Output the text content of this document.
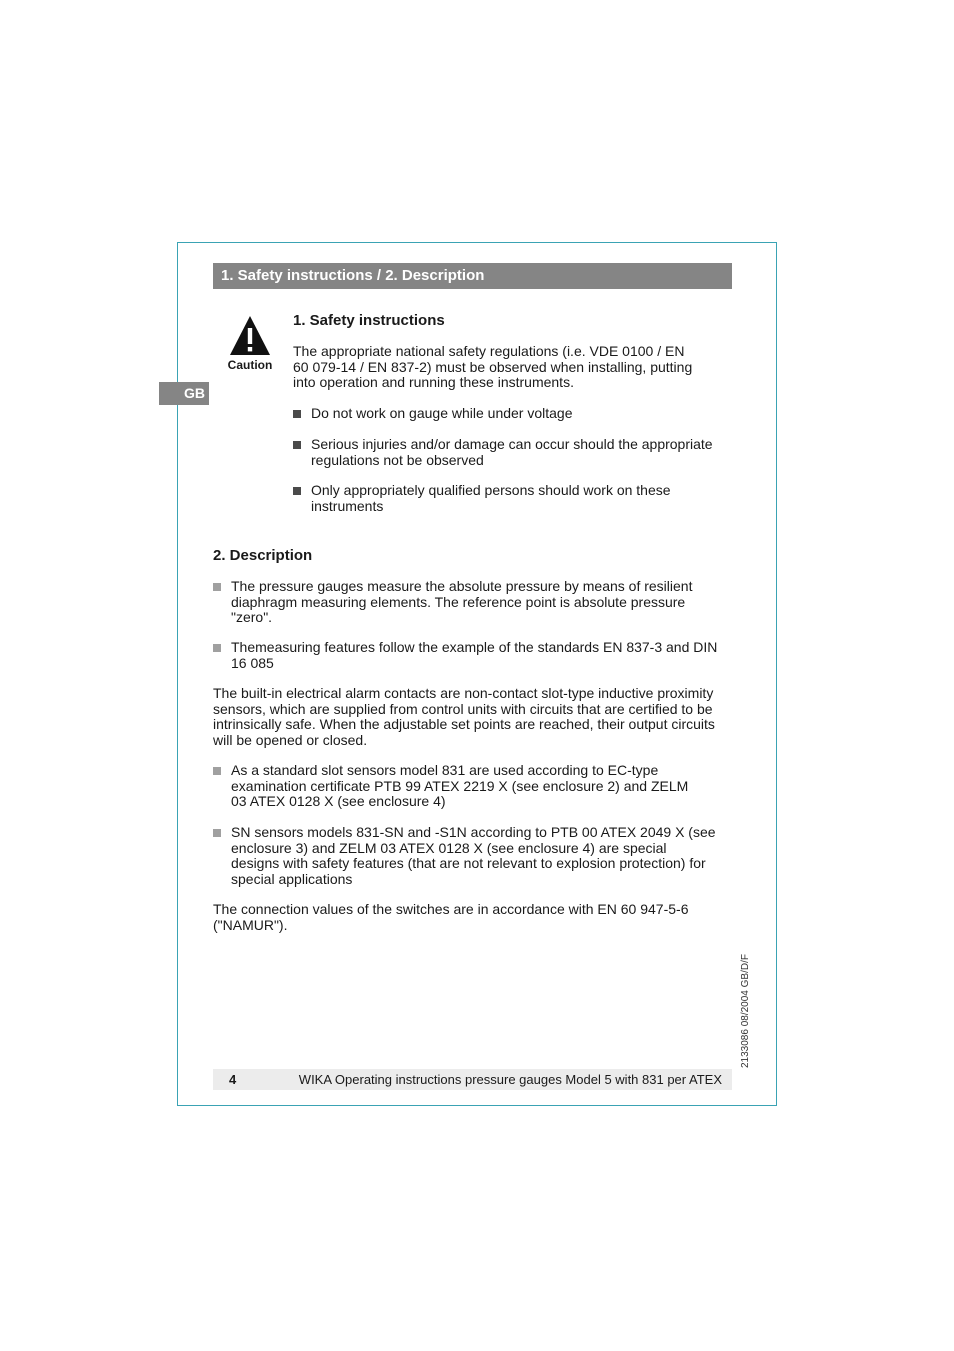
1. Safety instructions / 2. Description
GB
Caution
1. Safety instructions
The appropriate national safety regulations (i.e. VDE 0100 / EN 60 079-14 / EN 837-2) must be observed when installing, putting into operation and running these instruments.
Do not work on gauge while under voltage
Serious injuries and/or damage can occur should the appropriate regulations not be observed
Only appropriately qualified persons should work on these instruments
2. Description
The pressure gauges measure the absolute pressure by means of resilient diaphragm measuring elements. The reference point is absolute pressure "zero".
Themeasuring features follow the example of the standards EN 837-3 and DIN 16 085
The built-in electrical alarm contacts are non-contact slot-type inductive proximity sensors, which are supplied from control units with circuits that are certified to be intrinsically safe. When the adjustable set points are reached, their output circuits will be opened or closed.
As a standard slot sensors model 831 are used according to EC-type examination certificate PTB 99 ATEX 2219 X (see enclosure 2) and ZELM 03 ATEX 0128 X (see enclosure 4)
SN sensors models 831-SN and -S1N according to PTB 00 ATEX 2049 X (see enclosure 3) and ZELM 03 ATEX 0128 X (see enclosure 4) are special designs with safety features (that are not relevant to explosion protection) for special applications
The connection values of the switches are in accordance with EN 60 947-5-6 ("NAMUR").
2133086 08/2004 GB/D/F
4	WIKA Operating instructions pressure gauges Model 5 with 831 per ATEX
